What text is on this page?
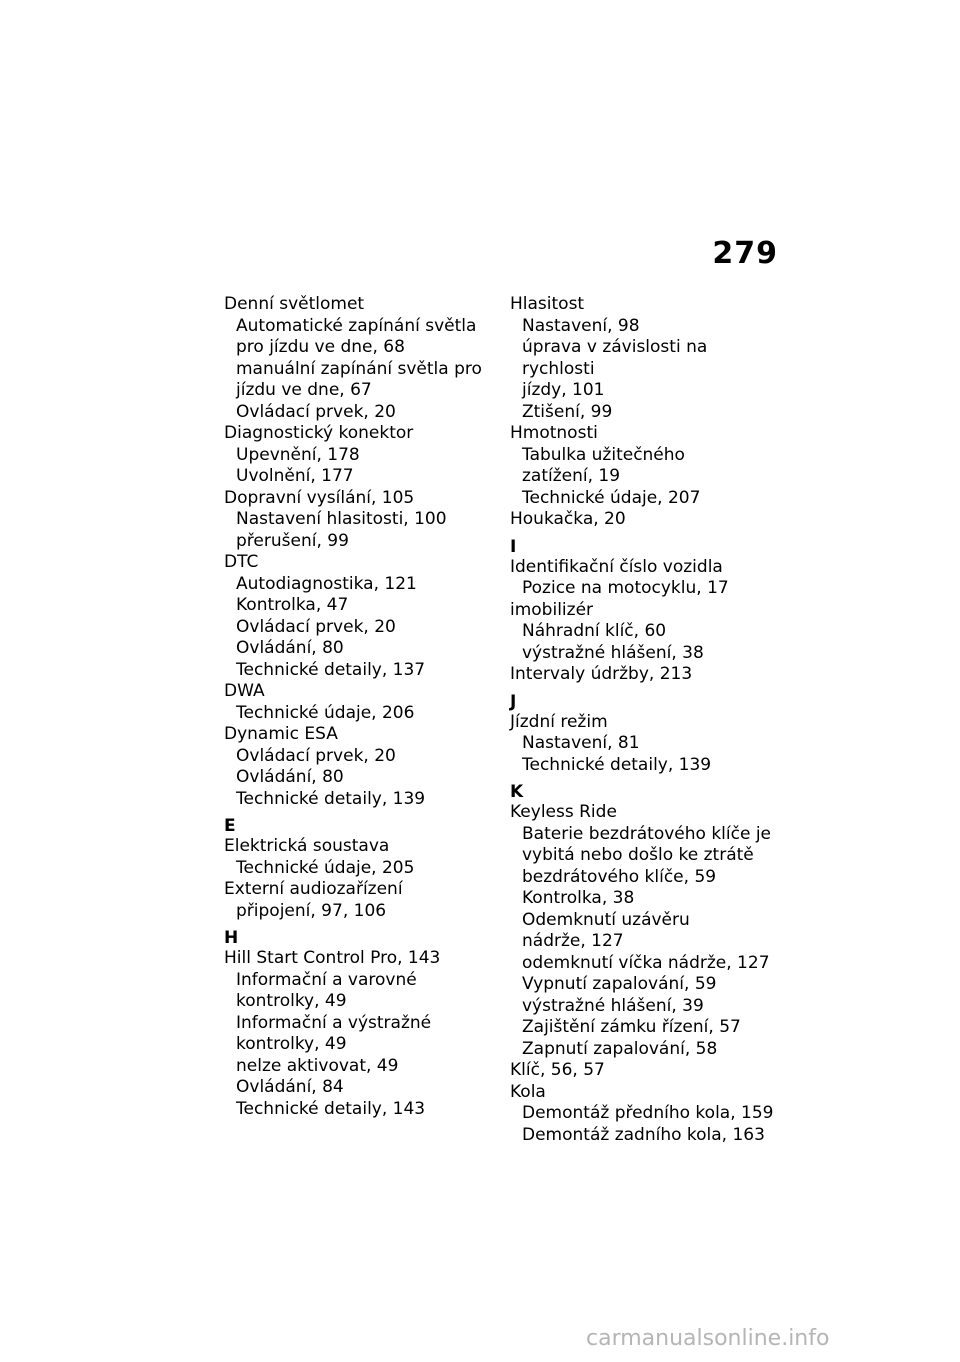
279
Denní světlomet
Automatické zapínání světla
pro jízdu ve dne, 68
manuální zapínání světla pro
jízdu ve dne, 67
Ovládací prvek, 20
Diagnostický konektor
Upevnění, 178
Uvolnění, 177
Dopravní vysílání, 105
Nastavení hlasitosti, 100
přerušení, 99
DTC
Autodiagnostika, 121
Kontrolka, 47
Ovládací prvek, 20
Ovládání, 80
Technické detaily, 137
DWA
Technické údaje, 206
Dynamic ESA
Ovládací prvek, 20
Ovládání, 80
Technické detaily, 139
E
Elektrická soustava
Technické údaje, 205
Externí audiozařízení
připojení, 97, 106
H
Hill Start Control Pro, 143
Informační a varovné
kontrolky, 49
Informační a výstražné
kontrolky, 49
nelze aktivovat, 49
Ovládání, 84
Technické detaily, 143
Hlasitost
Nastavení, 98
úprava v závislosti na rychlosti
jízdy, 101
Ztišení, 99
Hmotnosti
Tabulka užitečného
zatížení, 19
Technické údaje, 207
Houkačka, 20
I
Identifikační číslo vozidla
Pozice na motocyklu, 17
imobilizér
Náhradní klíč, 60
výstražné hlášení, 38
Intervaly údržby, 213
J
Jízdní režim
Nastavení, 81
Technické detaily, 139
K
Keyless Ride
Baterie bezdrátového klíče je
vybitá nebo došlo ke ztrátě
bezdrátového klíče, 59
Kontrolka, 38
Odemknutí uzávěru
nádrže, 127
odemknutí víčka nádrže, 127
Vypnutí zapalování, 59
výstražné hlášení, 39
Zajištění zámku řízení, 57
Zapnutí zapalování, 58
Klíč, 56, 57
Kola
Demontáž předního kola, 159
Demontáž zadního kola, 163
carmanualsonline.info
